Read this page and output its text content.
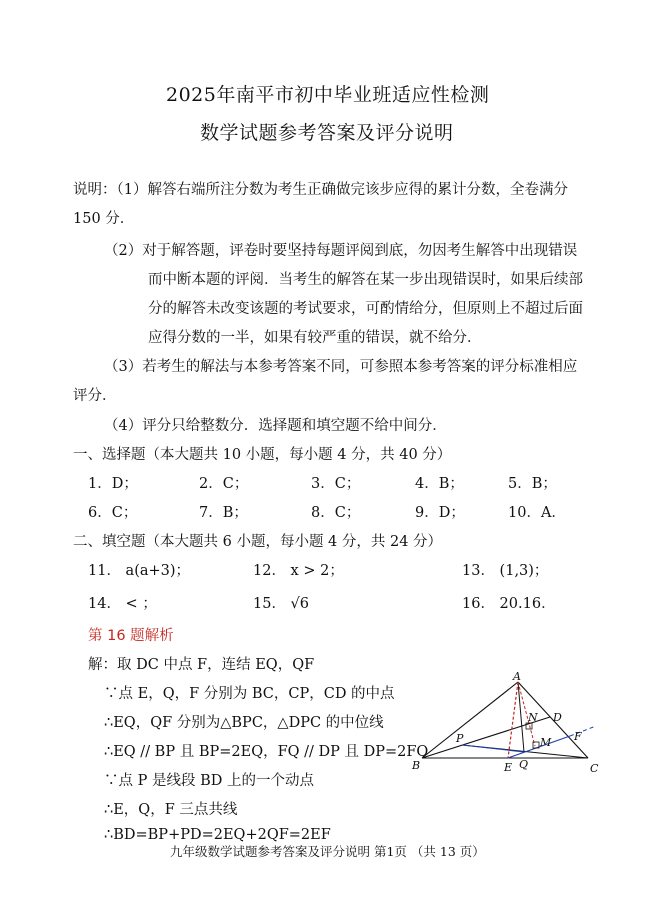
2025年南平市初中毕业班适应性检测
数学试题参考答案及评分说明
说明：（1）解答右端所注分数为考生正确做完该步应得的累计分数，全卷满分
150 分．
（2）对于解答题，评卷时要坚持每题评阅到底，勿因考生解答中出现错误
而中断本题的评阅．当考生的解答在某一步出现错误时，如果后续部
分的解答未改变该题的考试要求，可酌情给分，但原则上不超过后面
应得分数的一半，如果有较严重的错误，就不给分．
（3）若考生的解法与本参考答案不同，可参照本参考答案的评分标准相应
评分．
（4）评分只给整数分．选择题和填空题不给中间分．
一、选择题（本大题共 10 小题，每小题 4 分，共 40 分）
1．D；	2．C；	3．C；	4．B；	5．B；
6．C；	7．B；	8．C；	9．D；	10．A．
二、填空题（本大题共 6 小题，每小题 4 分，共 24 分）
11． a(a+3)；	12． x > 2；	13． (1,3)；
14． < ；	15． √6	16． 20.16．
第 16 题解析
解：取 DC 中点 F，连结 EQ，QF
∵点 E，Q，F 分别为 BC，CP，CD 的中点
∴EQ，QF 分别为△BPC，△DPC 的中位线
∴EQ // BP 且 BP=2EQ，FQ // DP 且 DP=2FQ
∵点 P 是线段 BD 上的一个动点
∴E，Q，F 三点共线
∴BD=BP+PD=2EQ+2QF=2EF
A
B	C
D
E
F
P
Q
N
M
九年级数学试题参考答案及评分说明 第1页 （共 13 页）
